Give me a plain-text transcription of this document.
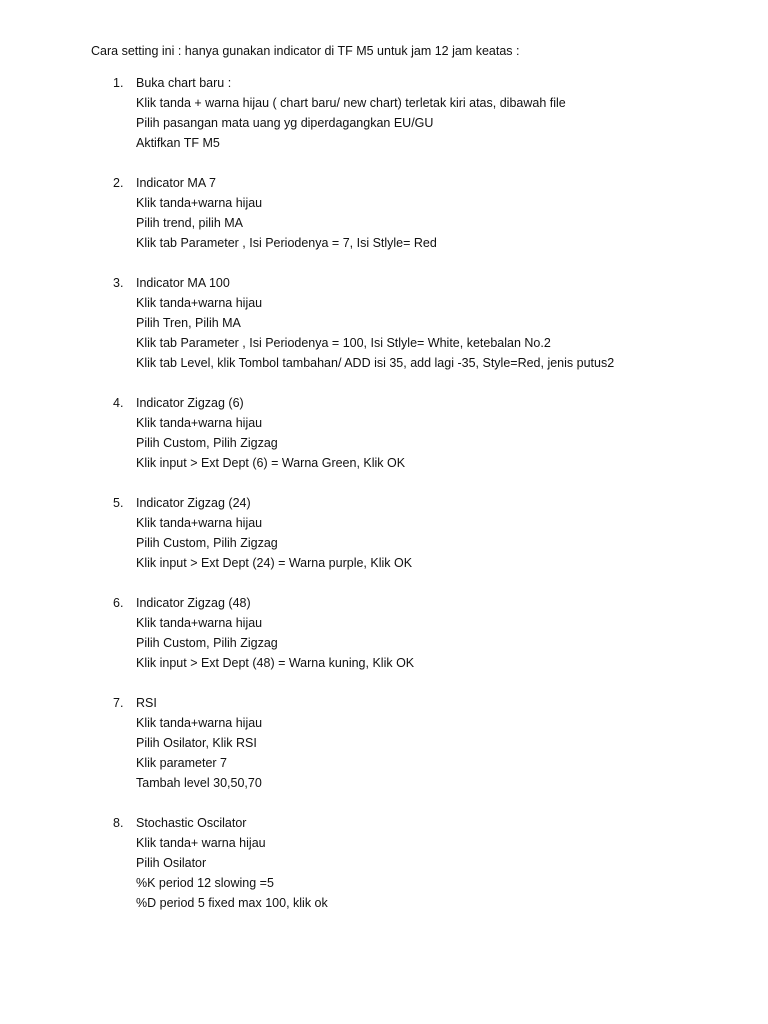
Cara setting ini : hanya gunakan indicator di TF M5 untuk jam 12 jam keatas :
1. Buka chart baru :
Klik tanda + warna hijau ( chart baru/ new chart) terletak kiri atas, dibawah file
Pilih pasangan mata uang yg diperdagangkan EU/GU
Aktifkan TF M5
2. Indicator MA 7
Klik tanda+warna hijau
Pilih trend, pilih MA
Klik tab Parameter , Isi Periodenya = 7, Isi Stlyle= Red
3. Indicator MA 100
Klik tanda+warna hijau
Pilih Tren, Pilih MA
Klik tab Parameter , Isi Periodenya = 100, Isi Stlyle= White, ketebalan No.2
Klik tab Level, klik Tombol tambahan/ ADD isi 35, add lagi -35, Style=Red, jenis putus2
4. Indicator Zigzag (6)
Klik tanda+warna hijau
Pilih Custom, Pilih Zigzag
Klik input > Ext Dept (6) = Warna Green, Klik OK
5. Indicator Zigzag (24)
Klik tanda+warna hijau
Pilih Custom, Pilih Zigzag
Klik input > Ext Dept (24) = Warna purple, Klik OK
6. Indicator Zigzag (48)
Klik tanda+warna hijau
Pilih Custom, Pilih Zigzag
Klik input > Ext Dept (48) = Warna kuning, Klik OK
7. RSI
Klik tanda+warna hijau
Pilih Osilator, Klik RSI
Klik parameter 7
Tambah level 30,50,70
8. Stochastic Oscilator
Klik tanda+ warna hijau
Pilih Osilator
%K period 12 slowing =5
%D period 5 fixed max 100, klik ok
